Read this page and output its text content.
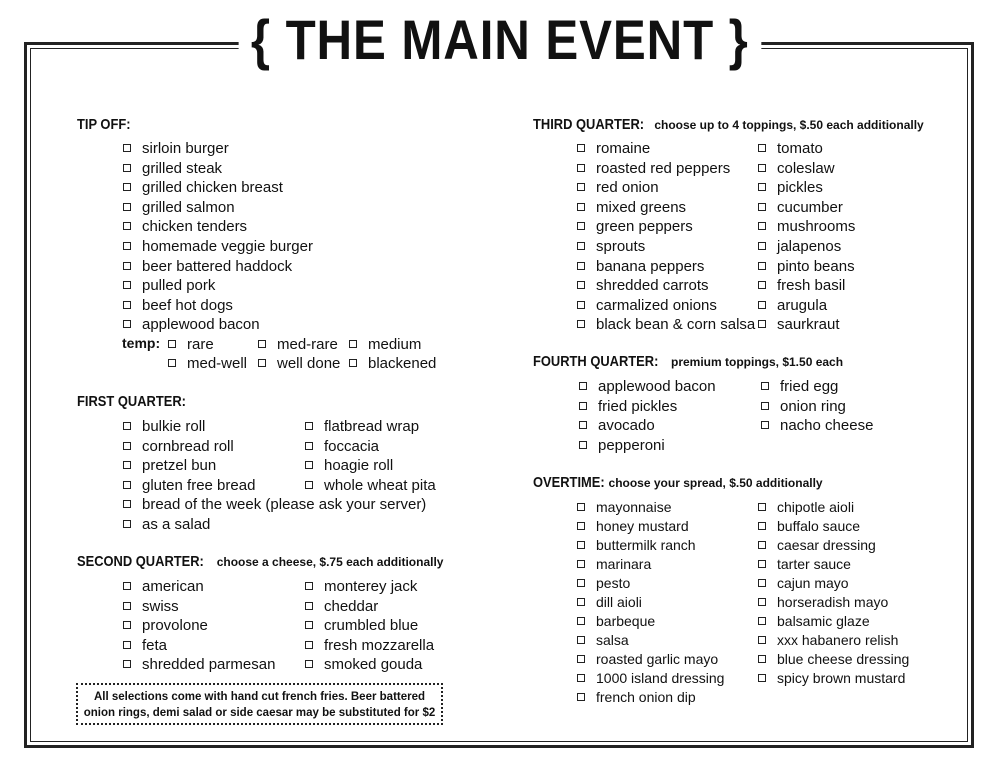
{ THE MAIN EVENT }
TIP OFF:
sirloin burger
grilled steak
grilled chicken breast
grilled salmon
chicken tenders
homemade veggie burger
beer battered haddock
pulled pork
beef hot dogs
applewood bacon
temp:	rare	med-rare	medium
med-well	well done	blackened
FIRST QUARTER:
bulkie roll
cornbread roll
pretzel bun
gluten free bread
flatbread wrap
foccacia
hoagie roll
whole wheat pita
bread of the week (please ask your server)
as a salad
SECOND QUARTER: choose a cheese, $.75 each additionally
american
swiss
provolone
feta
shredded parmesan
monterey jack
cheddar
crumbled blue
fresh mozzarella
smoked gouda
All selections come with hand cut french fries. Beer battered onion rings, demi salad or side caesar may be substituted for $2
THIRD QUARTER: choose up to 4 toppings, $.50 each additionally
romaine
roasted red peppers
red onion
mixed greens
green peppers
sprouts
banana peppers
shredded carrots
carmalized onions
black bean & corn salsa
tomato
coleslaw
pickles
cucumber
mushrooms
jalapenos
pinto beans
fresh basil
arugula
saurkraut
FOURTH QUARTER: premium toppings, $1.50 each
applewood bacon
fried pickles
avocado
pepperoni
fried egg
onion ring
nacho cheese
OVERTIME: choose your spread, $.50 additionally
mayonnaise
honey mustard
buttermilk ranch
marinara
pesto
dill aioli
barbeque
salsa
roasted garlic mayo
1000 island dressing
french onion dip
chipotle aioli
buffalo sauce
caesar dressing
tarter sauce
cajun mayo
horseradish mayo
balsamic glaze
xxx habanero relish
blue cheese dressing
spicy brown mustard
